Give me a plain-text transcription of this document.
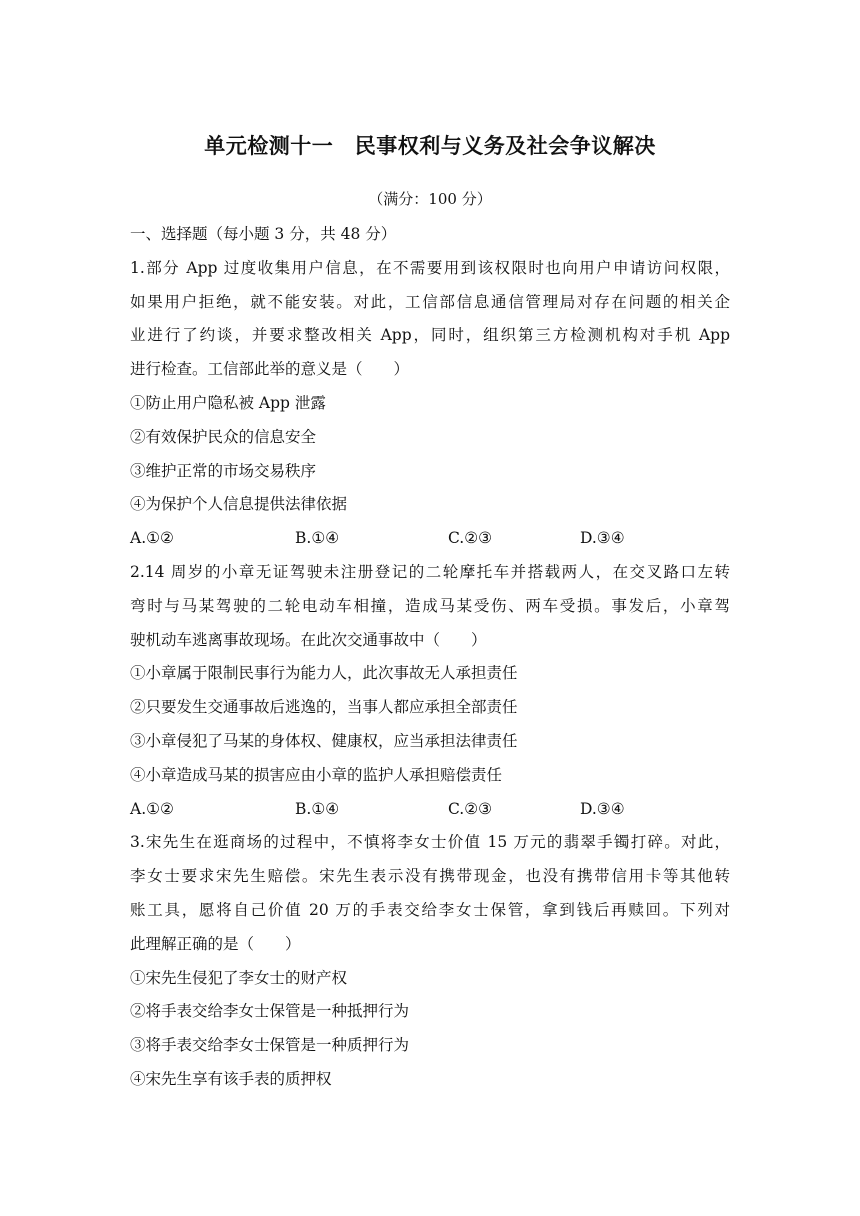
单元检测十一　民事权利与义务及社会争议解决
（满分：100 分）
一、选择题（每小题 3 分，共 48 分）
1.部分 App 过度收集用户信息，在不需要用到该权限时也向用户申请访问权限，
如果用户拒绝，就不能安装。对此，工信部信息通信管理局对存在问题的相关企
业进行了约谈，并要求整改相关 App，同时，组织第三方检测机构对手机 App
进行检查。工信部此举的意义是（　　）
①防止用户隐私被 App 泄露
②有效保护民众的信息安全
③维护正常的市场交易秩序
④为保护个人信息提供法律依据
A.①②	B.①④	C.②③	D.③④
2.14 周岁的小章无证驾驶未注册登记的二轮摩托车并搭载两人，在交叉路口左转
弯时与马某驾驶的二轮电动车相撞，造成马某受伤、两车受损。事发后，小章驾
驶机动车逃离事故现场。在此次交通事故中（　　）
①小章属于限制民事行为能力人，此次事故无人承担责任
②只要发生交通事故后逃逸的，当事人都应承担全部责任
③小章侵犯了马某的身体权、健康权，应当承担法律责任
④小章造成马某的损害应由小章的监护人承担赔偿责任
A.①②	B.①④	C.②③	D.③④
3.宋先生在逛商场的过程中，不慎将李女士价值 15 万元的翡翠手镯打碎。对此，
李女士要求宋先生赔偿。宋先生表示没有携带现金，也没有携带信用卡等其他转
账工具，愿将自己价值 20 万的手表交给李女士保管，拿到钱后再赎回。下列对
此理解正确的是（　　）
①宋先生侵犯了李女士的财产权
②将手表交给李女士保管是一种抵押行为
③将手表交给李女士保管是一种质押行为
④宋先生享有该手表的质押权
